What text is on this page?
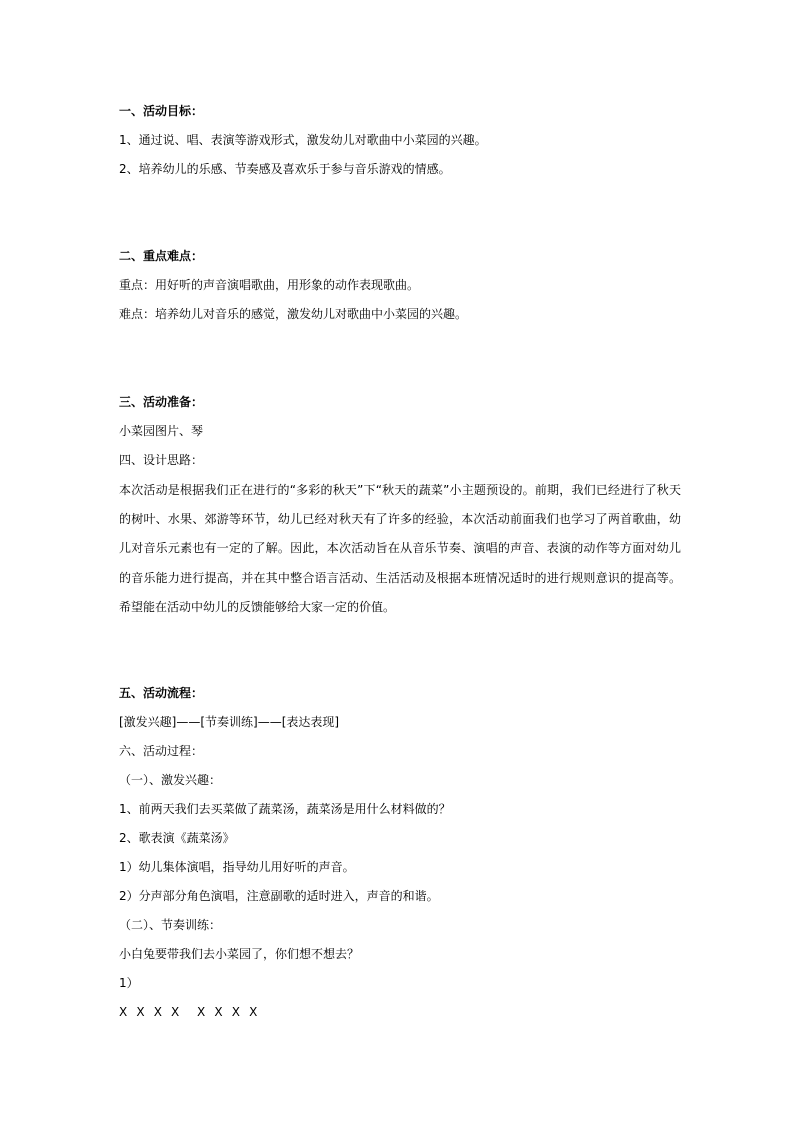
一、活动目标：
1、通过说、唱、表演等游戏形式，激发幼儿对歌曲中小菜园的兴趣。
2、培养幼儿的乐感、节奏感及喜欢乐于参与音乐游戏的情感。
二、重点难点：
重点：用好听的声音演唱歌曲，用形象的动作表现歌曲。
难点：培养幼儿对音乐的感觉，激发幼儿对歌曲中小菜园的兴趣。
三、活动准备：
小菜园图片、琴
四、设计思路：
本次活动是根据我们正在进行的“多彩的秋天”下“秋天的蔬菜”小主题预设的。前期，我们已经进行了秋天的树叶、水果、郊游等环节，幼儿已经对秋天有了许多的经验，本次活动前面我们也学习了两首歌曲，幼儿对音乐元素也有一定的了解。因此，本次活动旨在从音乐节奏、演唱的声音、表演的动作等方面对幼儿的音乐能力进行提高，并在其中整合语言活动、生活活动及根据本班情况适时的进行规则意识的提高等。希望能在活动中幼儿的反馈能够给大家一定的价值。
五、活动流程：
[激发兴趣]——[节奏训练]——[表达表现]
六、活动过程：
（一）、激发兴趣：
1、前两天我们去买菜做了蔬菜汤，蔬菜汤是用什么材料做的？
2、歌表演《蔬菜汤》
1）幼儿集体演唱，指导幼儿用好听的声音。
2）分声部分角色演唱，注意副歌的适时进入，声音的和谐。
（二）、节奏训练：
小白兔要带我们去小菜园了，你们想不想去？
1）
X  X  X  X    X  X  X  X
